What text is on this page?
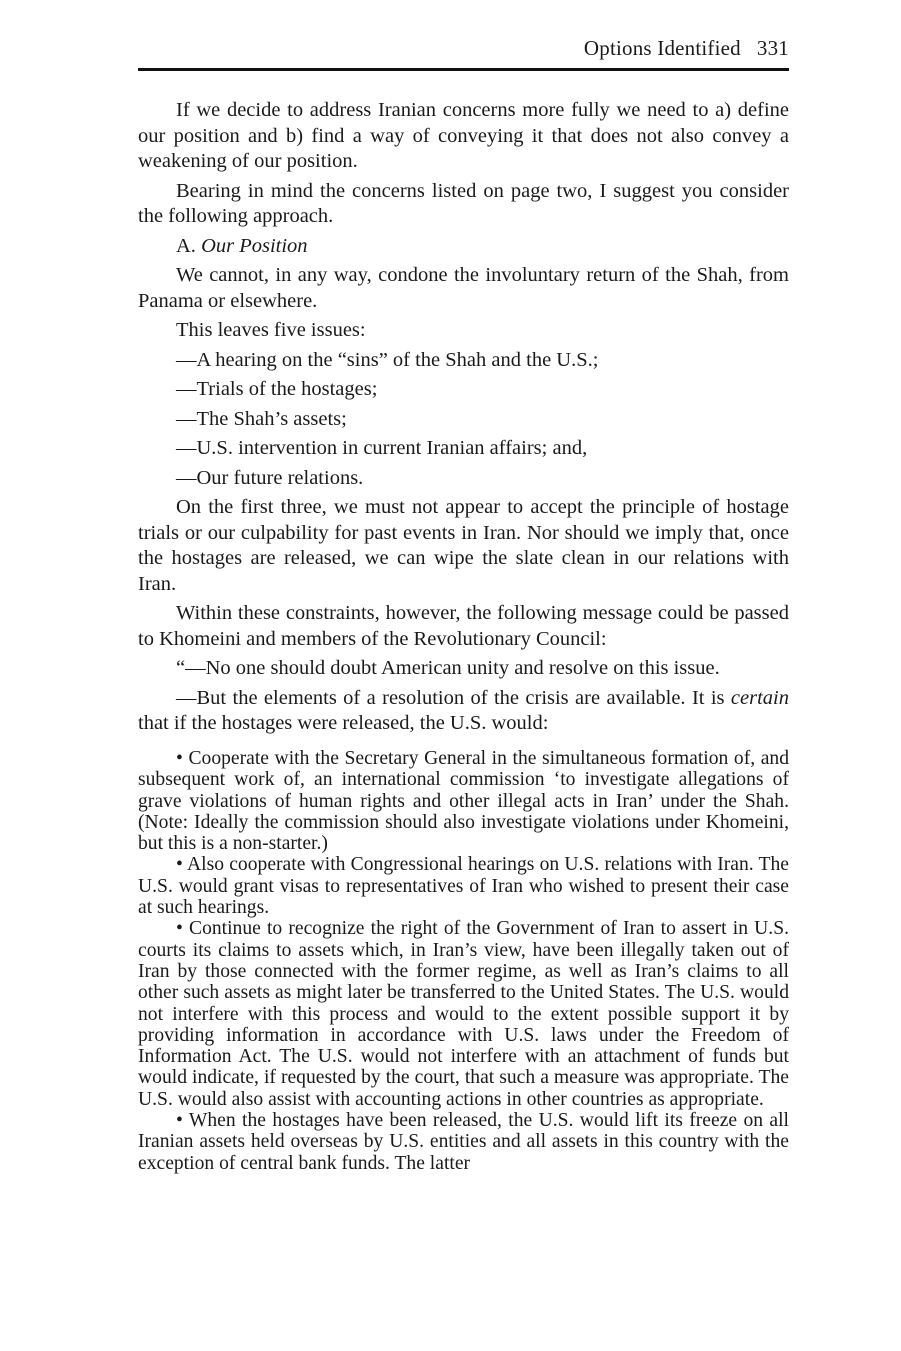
Options Identified 331

If we decide to address Iranian concerns more fully we need to a) define our position and b) find a way of conveying it that does not also convey a weakening of our position.

Bearing in mind the concerns listed on page two, I suggest you consider the following approach.

A. Our Position

We cannot, in any way, condone the involuntary return of the Shah, from Panama or elsewhere.

This leaves five issues:

—A hearing on the “sins” of the Shah and the U.S.;

—Trials of the hostages;

—The Shah’s assets;

—U.S. intervention in current Iranian affairs; and,

—Our future relations.

On the first three, we must not appear to accept the principle of hostage trials or our culpability for past events in Iran. Nor should we imply that, once the hostages are released, we can wipe the slate clean in our relations with Iran.

Within these constraints, however, the following message could be passed to Khomeini and members of the Revolutionary Council:

“—No one should doubt American unity and resolve on this issue.

—But the elements of a resolution of the crisis are available. It is certain that if the hostages were released, the U.S. would:

• Cooperate with the Secretary General in the simultaneous formation of, and subsequent work of, an international commission ‘to investigate allegations of grave violations of human rights and other illegal acts in Iran’ under the Shah. (Note: Ideally the commission should also investigate violations under Khomeini, but this is a non-starter.)

• Also cooperate with Congressional hearings on U.S. relations with Iran. The U.S. would grant visas to representatives of Iran who wished to present their case at such hearings.

• Continue to recognize the right of the Government of Iran to assert in U.S. courts its claims to assets which, in Iran’s view, have been illegally taken out of Iran by those connected with the former regime, as well as Iran’s claims to all other such assets as might later be transferred to the United States. The U.S. would not interfere with this process and would to the extent possible support it by providing information in accordance with U.S. laws under the Freedom of Information Act. The U.S. would not interfere with an attachment of funds but would indicate, if requested by the court, that such a measure was appropriate. The U.S. would also assist with accounting actions in other countries as appropriate.

• When the hostages have been released, the U.S. would lift its freeze on all Iranian assets held overseas by U.S. entities and all assets in this country with the exception of central bank funds. The latter
